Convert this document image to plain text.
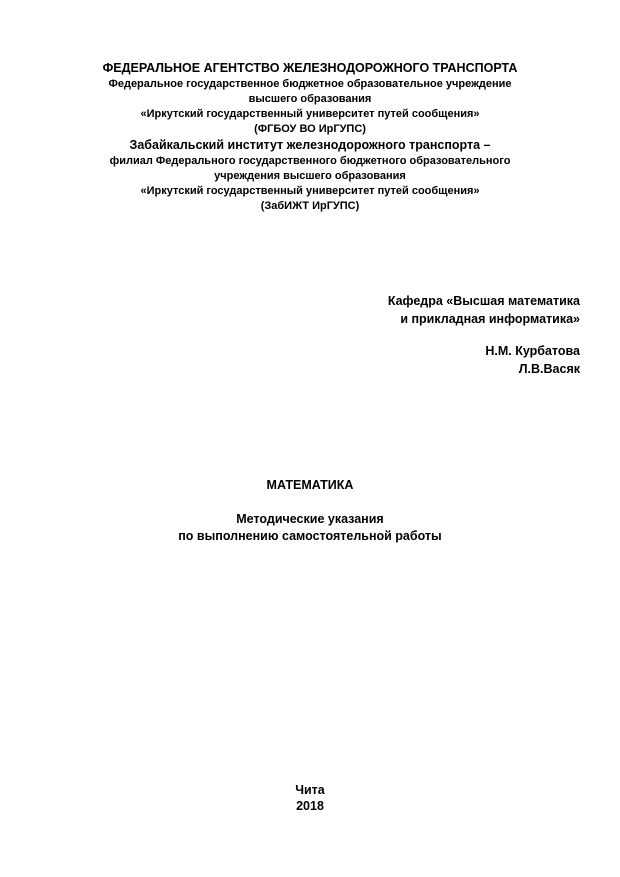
ФЕДЕРАЛЬНОЕ АГЕНТСТВО ЖЕЛЕЗНОДОРОЖНОГО ТРАНСПОРТА
Федеральное государственное бюджетное образовательное учреждение
высшего образования
«Иркутский государственный университет путей сообщения»
(ФГБОУ ВО ИрГУПС)
Забайкальский институт железнодорожного транспорта –
филиал Федерального государственного бюджетного образовательного
учреждения высшего образования
«Иркутский государственный университет путей сообщения»
(ЗабИЖТ ИрГУПС)
Кафедра «Высшая математика
и прикладная информатика»
Н.М. Курбатова
Л.В.Васяк
МАТЕМАТИКА
Методические указания
по выполнению самостоятельной работы
Чита
2018
